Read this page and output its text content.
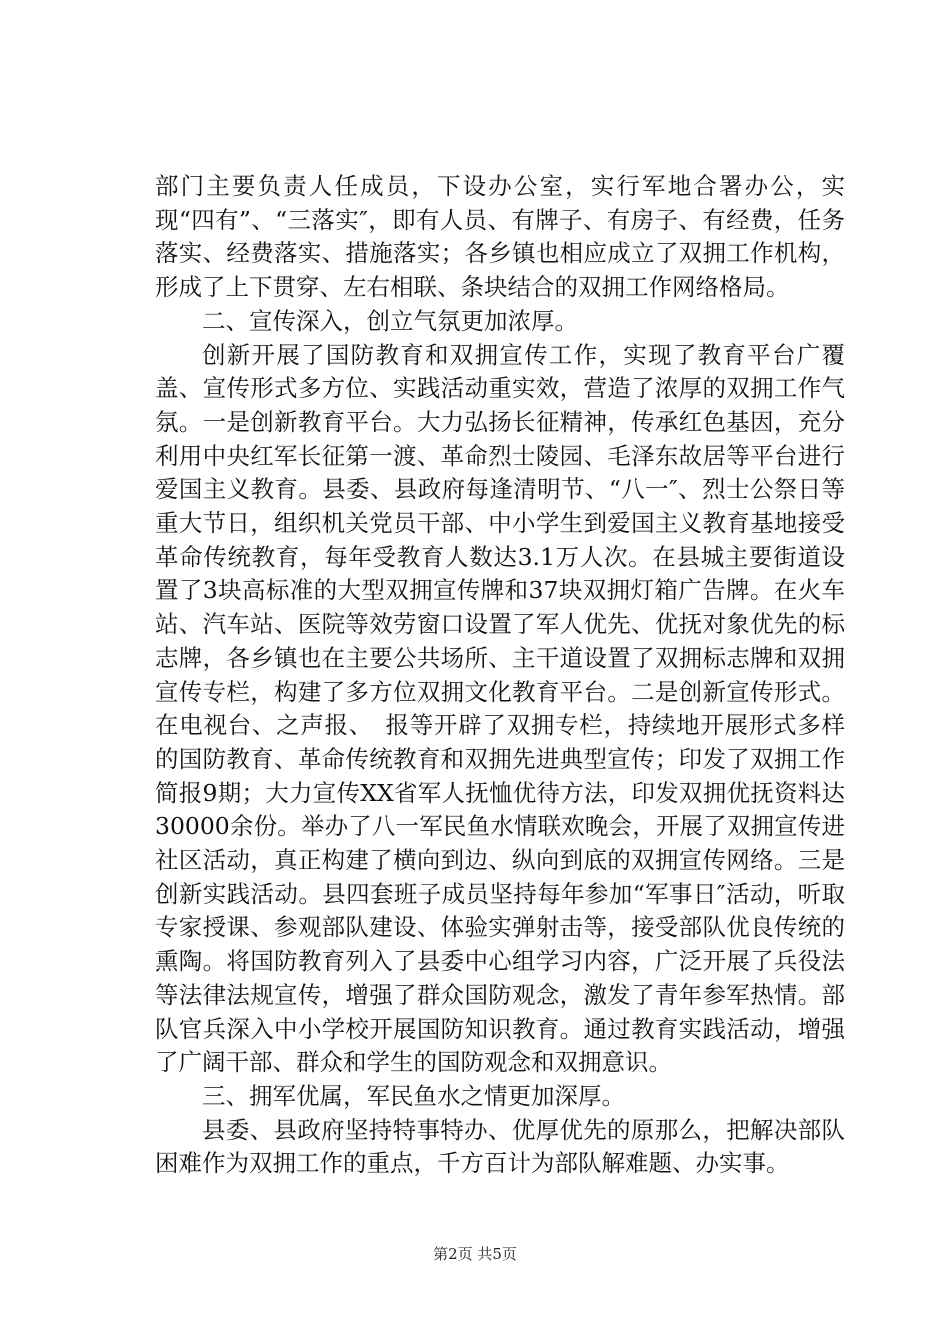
部门主要负责人任成员，下设办公室，实行军地合署办公，实现“四有”、“三落实″，即有人员、有牌子、有房子、有经费，任务落实、经费落实、措施落实；各乡镇也相应成立了双拥工作机构，形成了上下贯穿、左右相联、条块结合的双拥工作网络格局。

二、宣传深入，创立气氛更加浓厚。

创新开展了国防教育和双拥宣传工作，实现了教育平台广覆盖、宣传形式多方位、实践活动重实效，营造了浓厚的双拥工作气氛。一是创新教育平台。大力弘扬长征精神，传承红色基因，充分利用中央红军长征第一渡、革命烈士陵园、毛泽东故居等平台进行爱国主义教育。县委、县政府每逢清明节、“八一″、烈士公祭日等重大节日，组织机关党员干部、中小学生到爱国主义教育基地接受革命传统教育，每年受教育人数达3.1万人次。在县城主要街道设置了3块高标准的大型双拥宣传牌和37块双拥灯箱广告牌。在火车站、汽车站、医院等效劳窗口设置了军人优先、优抚对象优先的标志牌，各乡镇也在主要公共场所、主干道设置了双拥标志牌和双拥宣传专栏，构建了多方位双拥文化教育平台。二是创新宣传形式。在电视台、之声报、　报等开辟了双拥专栏，持续地开展形式多样的国防教育、革命传统教育和双拥先进典型宣传；印发了双拥工作简报9期；大力宣传XX省军人抚恤优待方法，印发双拥优抚资料达30000余份。举办了八一军民鱼水情联欢晚会，开展了双拥宣传进社区活动，真正构建了横向到边、纵向到底的双拥宣传网络。三是创新实践活动。县四套班子成员坚持每年参加“军事日″活动，听取专家授课、参观部队建设、体验实弹射击等，接受部队优良传统的熏陶。将国防教育列入了县委中心组学习内容，广泛开展了兵役法等法律法规宣传，增强了群众国防观念，激发了青年参军热情。部队官兵深入中小学校开展国防知识教育。通过教育实践活动，增强了广阔干部、群众和学生的国防观念和双拥意识。

三、拥军优属，军民鱼水之情更加深厚。

县委、县政府坚持特事特办、优厚优先的原那么，把解决部队困难作为双拥工作的重点，千方百计为部队解难题、办实事。

第2页 共5页
